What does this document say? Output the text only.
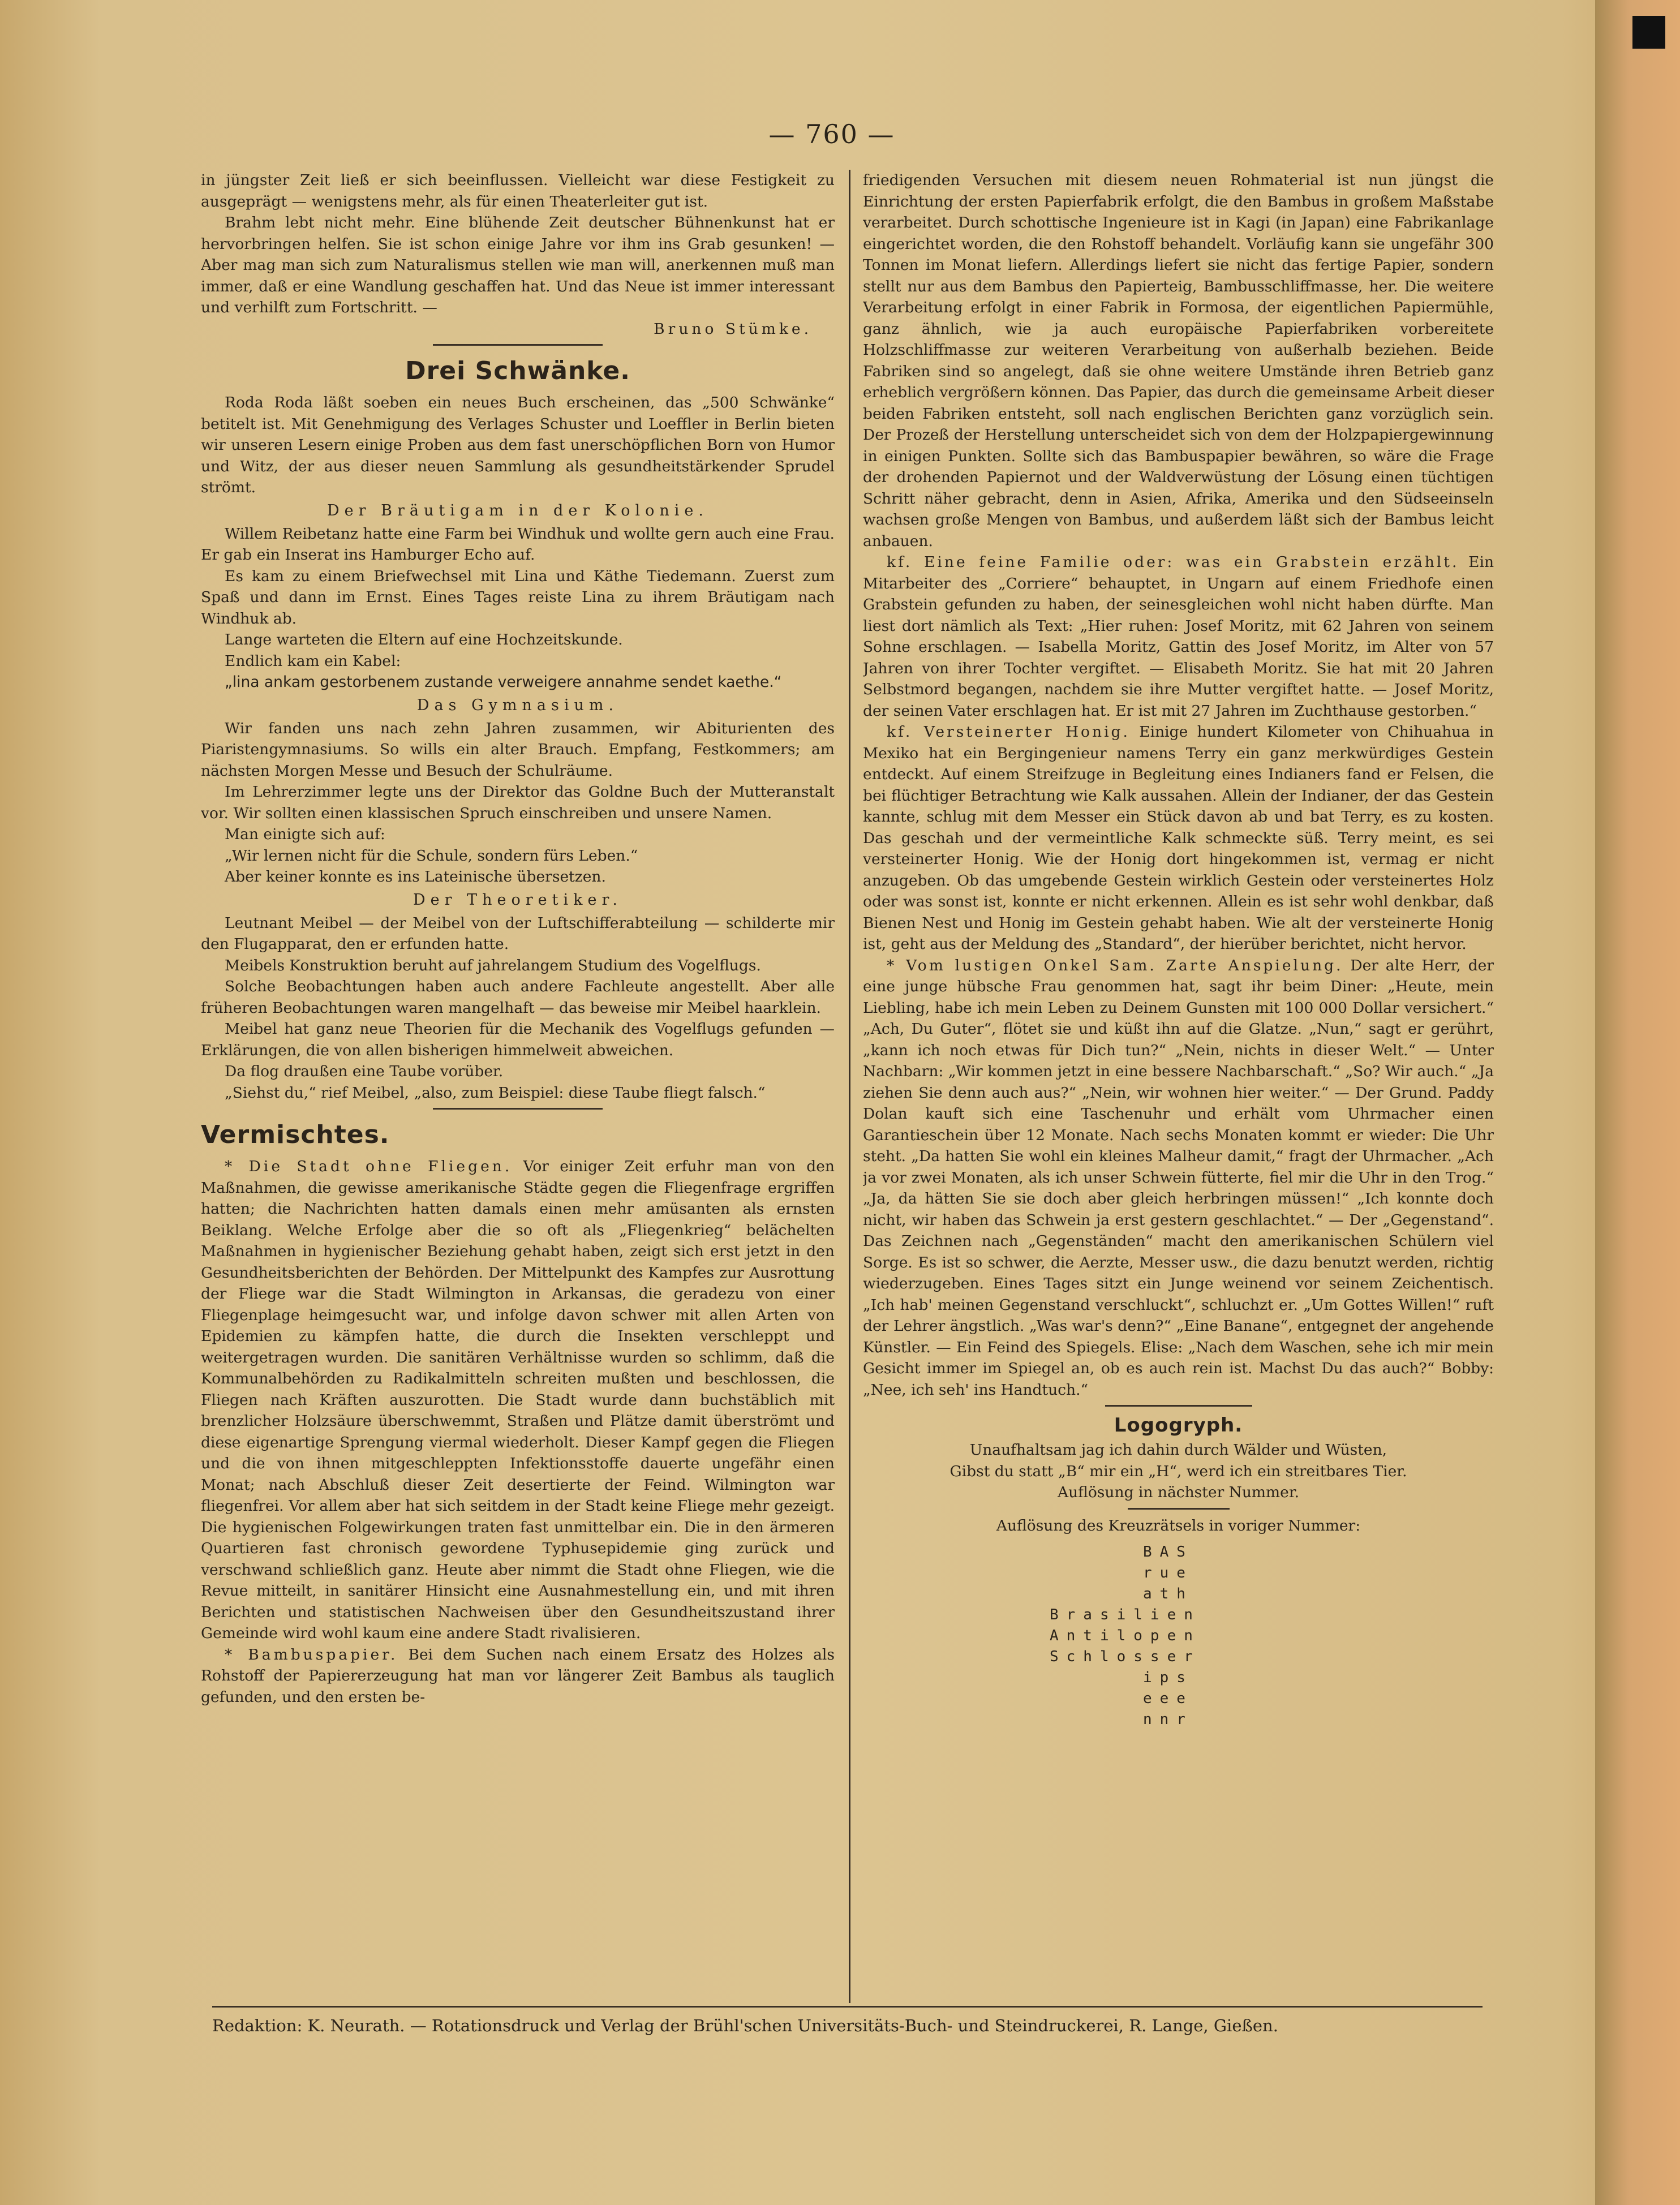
— 760 —

in jüngster Zeit ließ er sich beeinflussen. Vielleicht war diese Festigkeit zu ausgeprägt — wenigstens mehr, als für einen Theaterleiter gut ist.

Brahm lebt nicht mehr. Eine blühende Zeit deutscher Bühnenkunst hat er hervorbringen helfen. Sie ist schon einige Jahre vor ihm ins Grab gesunken! — Aber mag man sich zum Naturalismus stellen wie man will, anerkennen muß man immer, daß er eine Wandlung geschaffen hat. Und das Neue ist immer interessant und verhilft zum Fortschritt. —

Bruno Stümke.

Drei Schwänke.

Roda Roda läßt soeben ein neues Buch erscheinen, das „500 Schwänke“ betitelt ist. Mit Genehmigung des Verlages Schuster und Loeffler in Berlin bieten wir unseren Lesern einige Proben aus dem fast unerschöpflichen Born von Humor und Witz, der aus dieser neuen Sammlung als gesundheitstärkender Sprudel strömt.

Der Bräutigam in der Kolonie.

Willem Reibetanz hatte eine Farm bei Windhuk und wollte gern auch eine Frau. Er gab ein Inserat ins Hamburger Echo auf.

Es kam zu einem Briefwechsel mit Lina und Käthe Tiedemann. Zuerst zum Spaß und dann im Ernst. Eines Tages reiste Lina zu ihrem Bräutigam nach Windhuk ab.

Lange warteten die Eltern auf eine Hochzeitskunde.

Endlich kam ein Kabel:

„lina ankam gestorbenem zustande verweigere annahme sendet kaethe.“

Das Gymnasium.

Wir fanden uns nach zehn Jahren zusammen, wir Abiturienten des Piaristengymnasiums. So wills ein alter Brauch. Empfang, Festkommers; am nächsten Morgen Messe und Besuch der Schulräume.

Im Lehrerzimmer legte uns der Direktor das Goldne Buch der Mutteranstalt vor. Wir sollten einen klassischen Spruch einschreiben und unsere Namen.

Man einigte sich auf:

„Wir lernen nicht für die Schule, sondern fürs Leben.“

Aber keiner konnte es ins Lateinische übersetzen.

Der Theoretiker.

Leutnant Meibel — der Meibel von der Luftschifferabteilung — schilderte mir den Flugapparat, den er erfunden hatte.

Meibels Konstruktion beruht auf jahrelangem Studium des Vogelflugs.

Solche Beobachtungen haben auch andere Fachleute angestellt. Aber alle früheren Beobachtungen waren mangelhaft — das beweise mir Meibel haarklein.

Meibel hat ganz neue Theorien für die Mechanik des Vogelflugs gefunden — Erklärungen, die von allen bisherigen himmelweit abweichen.

Da flog draußen eine Taube vorüber.

„Siehst du,“ rief Meibel, „also, zum Beispiel: diese Taube fliegt falsch.“

Vermischtes.

* Die Stadt ohne Fliegen. Vor einiger Zeit erfuhr man von den Maßnahmen, die gewisse amerikanische Städte gegen die Fliegenfrage ergriffen hatten; die Nachrichten hatten damals einen mehr amüsanten als ernsten Beiklang. Welche Erfolge aber die so oft als „Fliegenkrieg“ belächelten Maßnahmen in hygienischer Beziehung gehabt haben, zeigt sich erst jetzt in den Gesundheitsberichten der Behörden. Der Mittelpunkt des Kampfes zur Ausrottung der Fliege war die Stadt Wilmington in Arkansas, die geradezu von einer Fliegenplage heimgesucht war, und infolge davon schwer mit allen Arten von Epidemien zu kämpfen hatte, die durch die Insekten verschleppt und weitergetragen wurden. Die sanitären Verhältnisse wurden so schlimm, daß die Kommunalbehörden zu Radikalmitteln schreiten mußten und beschlossen, die Fliegen nach Kräften auszurotten. Die Stadt wurde dann buchstäblich mit brenzlicher Holzsäure überschwemmt, Straßen und Plätze damit überströmt und diese eigenartige Sprengung viermal wiederholt. Dieser Kampf gegen die Fliegen und die von ihnen mitgeschleppten Infektionsstoffe dauerte ungefähr einen Monat; nach Abschluß dieser Zeit desertierte der Feind. Wilmington war fliegenfrei. Vor allem aber hat sich seitdem in der Stadt keine Fliege mehr gezeigt. Die hygienischen Folgewirkungen traten fast unmittelbar ein. Die in den ärmeren Quartieren fast chronisch gewordene Typhusepidemie ging zurück und verschwand schließlich ganz. Heute aber nimmt die Stadt ohne Fliegen, wie die Revue mitteilt, in sanitärer Hinsicht eine Ausnahmestellung ein, und mit ihren Berichten und statistischen Nachweisen über den Gesundheitszustand ihrer Gemeinde wird wohl kaum eine andere Stadt rivalisieren.

* Bambuspapier. Bei dem Suchen nach einem Ersatz des Holzes als Rohstoff der Papiererzeugung hat man vor längerer Zeit Bambus als tauglich gefunden, und den ersten be-

friedigenden Versuchen mit diesem neuen Rohmaterial ist nun jüngst die Einrichtung der ersten Papierfabrik erfolgt, die den Bambus in großem Maßstabe verarbeitet. Durch schottische Ingenieure ist in Kagi (in Japan) eine Fabrikanlage eingerichtet worden, die den Rohstoff behandelt. Vorläufig kann sie ungefähr 300 Tonnen im Monat liefern. Allerdings liefert sie nicht das fertige Papier, sondern stellt nur aus dem Bambus den Papierteig, Bambusschliffmasse, her. Die weitere Verarbeitung erfolgt in einer Fabrik in Formosa, der eigentlichen Papiermühle, ganz ähnlich, wie ja auch europäische Papierfabriken vorbereitete Holzschliffmasse zur weiteren Verarbeitung von außerhalb beziehen. Beide Fabriken sind so angelegt, daß sie ohne weitere Umstände ihren Betrieb ganz erheblich vergrößern können. Das Papier, das durch die gemeinsame Arbeit dieser beiden Fabriken entsteht, soll nach englischen Berichten ganz vorzüglich sein. Der Prozeß der Herstellung unterscheidet sich von dem der Holzpapiergewinnung in einigen Punkten. Sollte sich das Bambuspapier bewähren, so wäre die Frage der drohenden Papiernot und der Waldverwüstung der Lösung einen tüchtigen Schritt näher gebracht, denn in Asien, Afrika, Amerika und den Südseeinseln wachsen große Mengen von Bambus, und außerdem läßt sich der Bambus leicht anbauen.

kf. Eine feine Familie oder: was ein Grabstein erzählt. Ein Mitarbeiter des „Corriere“ behauptet, in Ungarn auf einem Friedhofe einen Grabstein gefunden zu haben, der seinesgleichen wohl nicht haben dürfte. Man liest dort nämlich als Text: „Hier ruhen: Josef Moritz, mit 62 Jahren von seinem Sohne erschlagen. — Isabella Moritz, Gattin des Josef Moritz, im Alter von 57 Jahren von ihrer Tochter vergiftet. — Elisabeth Moritz. Sie hat mit 20 Jahren Selbstmord begangen, nachdem sie ihre Mutter vergiftet hatte. — Josef Moritz, der seinen Vater erschlagen hat. Er ist mit 27 Jahren im Zuchthause gestorben.“

kf. Versteinerter Honig. Einige hundert Kilometer von Chihuahua in Mexiko hat ein Bergingenieur namens Terry ein ganz merkwürdiges Gestein entdeckt. Auf einem Streifzuge in Begleitung eines Indianers fand er Felsen, die bei flüchtiger Betrachtung wie Kalk aussahen. Allein der Indianer, der das Gestein kannte, schlug mit dem Messer ein Stück davon ab und bat Terry, es zu kosten. Das geschah und der vermeintliche Kalk schmeckte süß. Terry meint, es sei versteinerter Honig. Wie der Honig dort hingekommen ist, vermag er nicht anzugeben. Ob das umgebende Gestein wirklich Gestein oder versteinertes Holz oder was sonst ist, konnte er nicht erkennen. Allein es ist sehr wohl denkbar, daß Bienen Nest und Honig im Gestein gehabt haben. Wie alt der versteinerte Honig ist, geht aus der Meldung des „Standard“, der hierüber berichtet, nicht hervor.

* Vom lustigen Onkel Sam. Zarte Anspielung. Der alte Herr, der eine junge hübsche Frau genommen hat, sagt ihr beim Diner: „Heute, mein Liebling, habe ich mein Leben zu Deinem Gunsten mit 100 000 Dollar versichert.“ „Ach, Du Guter“, flötet sie und küßt ihn auf die Glatze. „Nun,“ sagt er gerührt, „kann ich noch etwas für Dich tun?“ „Nein, nichts in dieser Welt.“ — Unter Nachbarn: „Wir kommen jetzt in eine bessere Nachbarschaft.“ „So? Wir auch.“ „Ja ziehen Sie denn auch aus?“ „Nein, wir wohnen hier weiter.“ — Der Grund. Paddy Dolan kauft sich eine Taschenuhr und erhält vom Uhrmacher einen Garantieschein über 12 Monate. Nach sechs Monaten kommt er wieder: Die Uhr steht. „Da hatten Sie wohl ein kleines Malheur damit,“ fragt der Uhrmacher. „Ach ja vor zwei Monaten, als ich unser Schwein fütterte, fiel mir die Uhr in den Trog.“ „Ja, da hätten Sie sie doch aber gleich herbringen müssen!“ „Ich konnte doch nicht, wir haben das Schwein ja erst gestern geschlachtet.“ — Der „Gegenstand“. Das Zeichnen nach „Gegenständen“ macht den amerikanischen Schülern viel Sorge. Es ist so schwer, die Aerzte, Messer usw., die dazu benutzt werden, richtig wiederzugeben. Eines Tages sitzt ein Junge weinend vor seinem Zeichentisch. „Ich hab' meinen Gegenstand verschluckt“, schluchzt er. „Um Gottes Willen!“ ruft der Lehrer ängstlich. „Was war's denn?“ „Eine Banane“, entgegnet der angehende Künstler. — Ein Feind des Spiegels. Elise: „Nach dem Waschen, sehe ich mir mein Gesicht immer im Spiegel an, ob es auch rein ist. Machst Du das auch?“ Bobby: „Nee, ich seh' ins Handtuch.“

Logogryph.

Unaufhaltsam jag ich dahin durch Wälder und Wüsten,

Gibst du statt „B“ mir ein „H“, werd ich ein streitbares Tier.

Auflösung in nächster Nummer.

Auflösung des Kreuzrätsels in voriger Nummer:

BAS
rue
ath
Brasilien
Antilopen
Schlosser
ips
eee
nnr
Redaktion: K. Neurath. — Rotationsdruck und Verlag der Brühl'schen Universitäts-Buch- und Steindruckerei, R. Lange, Gießen.
